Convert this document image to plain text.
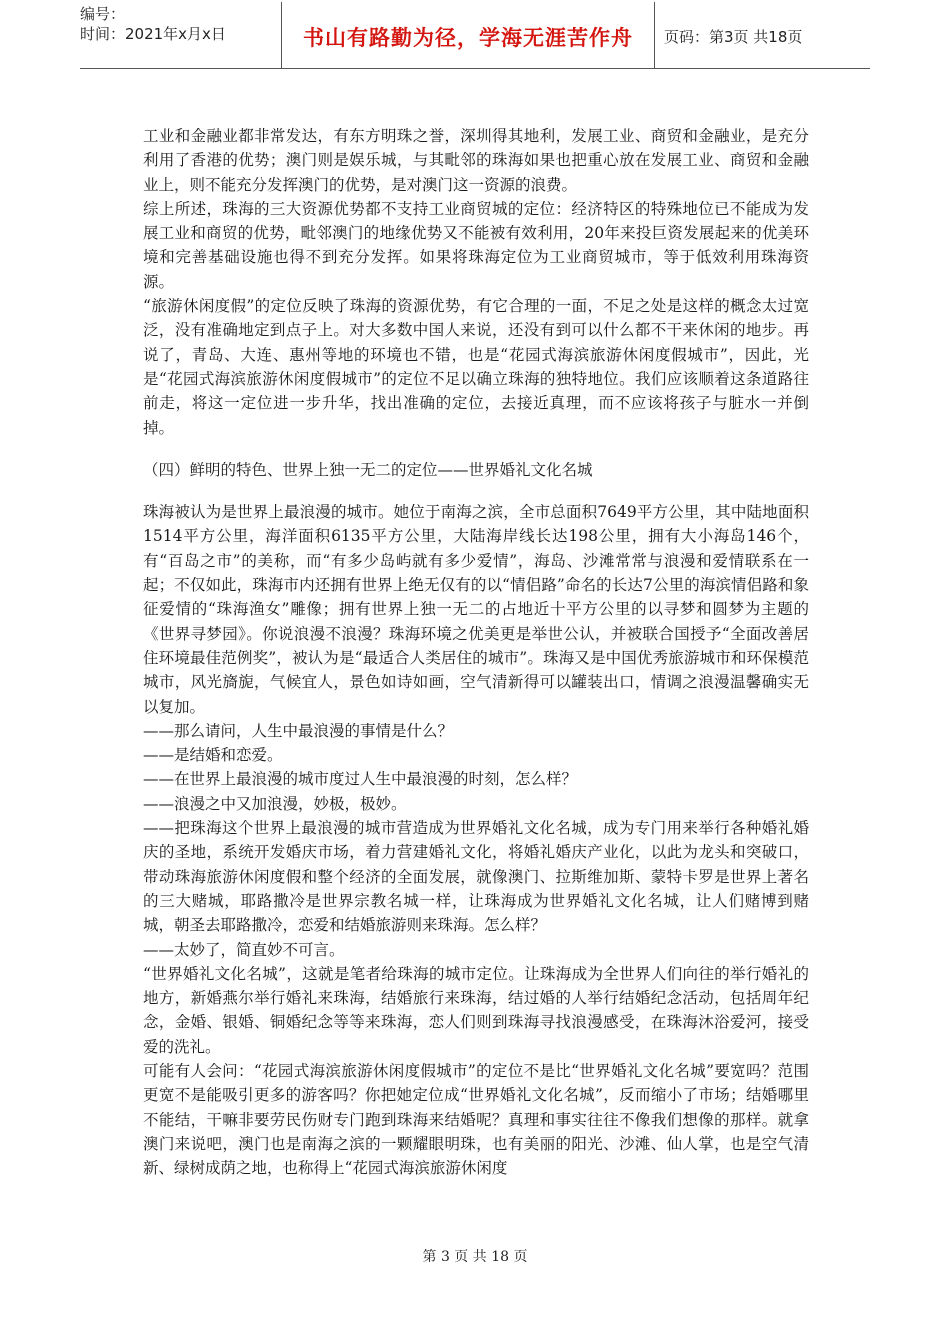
编号：
时间：2021年x月x日	书山有路勤为径，学海无涯苦作舟	页码：第3页 共18页

工业和金融业都非常发达，有东方明珠之誉，深圳得其地利，发展工业、商贸和金融业，是充分利用了香港的优势；澳门则是娱乐城，与其毗邻的珠海如果也把重心放在发展工业、商贸和金融业上，则不能充分发挥澳门的优势，是对澳门这一资源的浪费。

综上所述，珠海的三大资源优势都不支持工业商贸城的定位：经济特区的特殊地位已不能成为发展工业和商贸的优势，毗邻澳门的地缘优势又不能被有效利用，20年来投巨资发展起来的优美环境和完善基础设施也得不到充分发挥。如果将珠海定位为工业商贸城市，等于低效利用珠海资源。

“旅游休闲度假”的定位反映了珠海的资源优势，有它合理的一面，不足之处是这样的概念太过宽泛，没有准确地定到点子上。对大多数中国人来说，还没有到可以什么都不干来休闲的地步。再说了，青岛、大连、惠州等地的环境也不错，也是“花园式海滨旅游休闲度假城市”，因此，光是“花园式海滨旅游休闲度假城市”的定位不足以确立珠海的独特地位。我们应该顺着这条道路往前走，将这一定位进一步升华，找出准确的定位，去接近真理，而不应该将孩子与脏水一并倒掉。

（四）鲜明的特色、世界上独一无二的定位——世界婚礼文化名城

珠海被认为是世界上最浪漫的城市。她位于南海之滨，全市总面积7649平方公里，其中陆地面积1514平方公里，海洋面积6135平方公里，大陆海岸线长达198公里，拥有大小海岛146个，有“百岛之市”的美称，而“有多少岛屿就有多少爱情”，海岛、沙滩常常与浪漫和爱情联系在一起；不仅如此，珠海市内还拥有世界上绝无仅有的以“情侣路”命名的长达7公里的海滨情侣路和象征爱情的“珠海渔女”雕像；拥有世界上独一无二的占地近十平方公里的以寻梦和圆梦为主题的《世界寻梦园》。你说浪漫不浪漫？珠海环境之优美更是举世公认，并被联合国授予“全面改善居住环境最佳范例奖”，被认为是“最适合人类居住的城市”。珠海又是中国优秀旅游城市和环保模范城市，风光旖旎，气候宜人，景色如诗如画，空气清新得可以罐装出口，情调之浪漫温馨确实无以复加。

——那么请问，人生中最浪漫的事情是什么？

——是结婚和恋爱。

——在世界上最浪漫的城市度过人生中最浪漫的时刻，怎么样？

——浪漫之中又加浪漫，妙极，极妙。

——把珠海这个世界上最浪漫的城市营造成为世界婚礼文化名城，成为专门用来举行各种婚礼婚庆的圣地，系统开发婚庆市场，着力营建婚礼文化，将婚礼婚庆产业化，以此为龙头和突破口，带动珠海旅游休闲度假和整个经济的全面发展，就像澳门、拉斯维加斯、蒙特卡罗是世界上著名的三大赌城，耶路撒冷是世界宗教名城一样，让珠海成为世界婚礼文化名城，让人们赌博到赌城，朝圣去耶路撒冷，恋爱和结婚旅游则来珠海。怎么样？

——太妙了，简直妙不可言。

“世界婚礼文化名城”，这就是笔者给珠海的城市定位。让珠海成为全世界人们向往的举行婚礼的地方，新婚燕尔举行婚礼来珠海，结婚旅行来珠海，结过婚的人举行结婚纪念活动，包括周年纪念，金婚、银婚、铜婚纪念等等来珠海，恋人们则到珠海寻找浪漫感受，在珠海沐浴爱河，接受爱的洗礼。

可能有人会问：“花园式海滨旅游休闲度假城市”的定位不是比“世界婚礼文化名城”要宽吗？范围更宽不是能吸引更多的游客吗？你把她定位成“世界婚礼文化名城”，反而缩小了市场；结婚哪里不能结，干嘛非要劳民伤财专门跑到珠海来结婚呢？真理和事实往往不像我们想像的那样。就拿澳门来说吧，澳门也是南海之滨的一颗耀眼明珠，也有美丽的阳光、沙滩、仙人掌，也是空气清新、绿树成荫之地，也称得上“花园式海滨旅游休闲度

第 3 页 共 18 页
